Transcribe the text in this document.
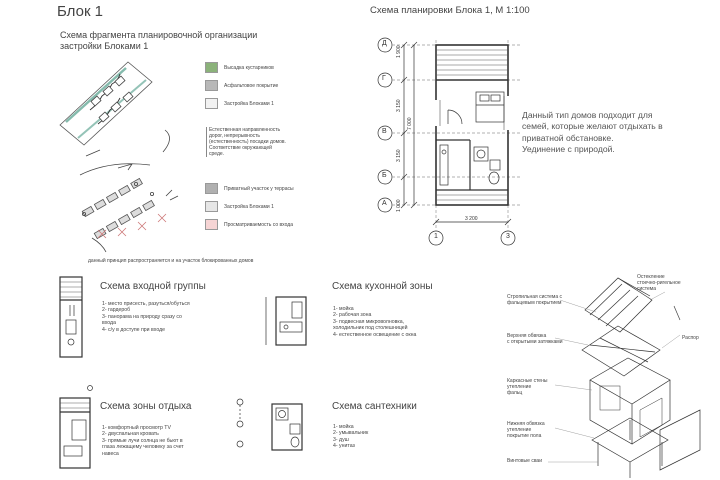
Блок 1
Схема фрагмента планировочной организации
застройки Блоками 1
Схема планировки Блока 1, М 1:100
Высадка кустарников
Асфальтовое покрытие
Застройка Блоками 1
Естественная направленность
дорог, непрерывность
(естественность) посадки домов.
Соответствие окружающей
среде.
Приватный участок у террасы
Застройка Блоками 1
Просматриваемость со входа
данный принцип распространяется и на участок блокированных домов
Д
Г
В
Б
А
1	3
1 900
3 150
7 000
3 150
1 000
3 200
Данный тип домов подходит для
семей, которые желают отдыхать в
приватной обстановке.
Уединение с природой.
Схема входной группы
1- место присесть, разуться/обуться
2- гардероб
3- панорама на природу сразу со
входа
4- с/у в доступе при входе
Схема кухонной зоны
1- мойка
2- рабочая зона
3- подвесная микроволновка,
холодильник под столешницей
4- естественное освещение с окна
Схема зоны отдыха
1- комфортный просмотр TV
2- двуспальная кровать
3- прямые лучи солнца не бьют в
глаза лежащему человеку за счет
навеса
Схема сантехники
1- мойка
2- умывальник
3- душ
4- унитаз
Остекление
стоечно-ригельное
система
Стропильная система с
фальцевым покрытием
Верхняя обвязка
с открытыми затяжками
Распор
Каркасные стены
утепление
фальц
Нижняя обвязка
утепление
покрытие пола
Винтовые сваи
